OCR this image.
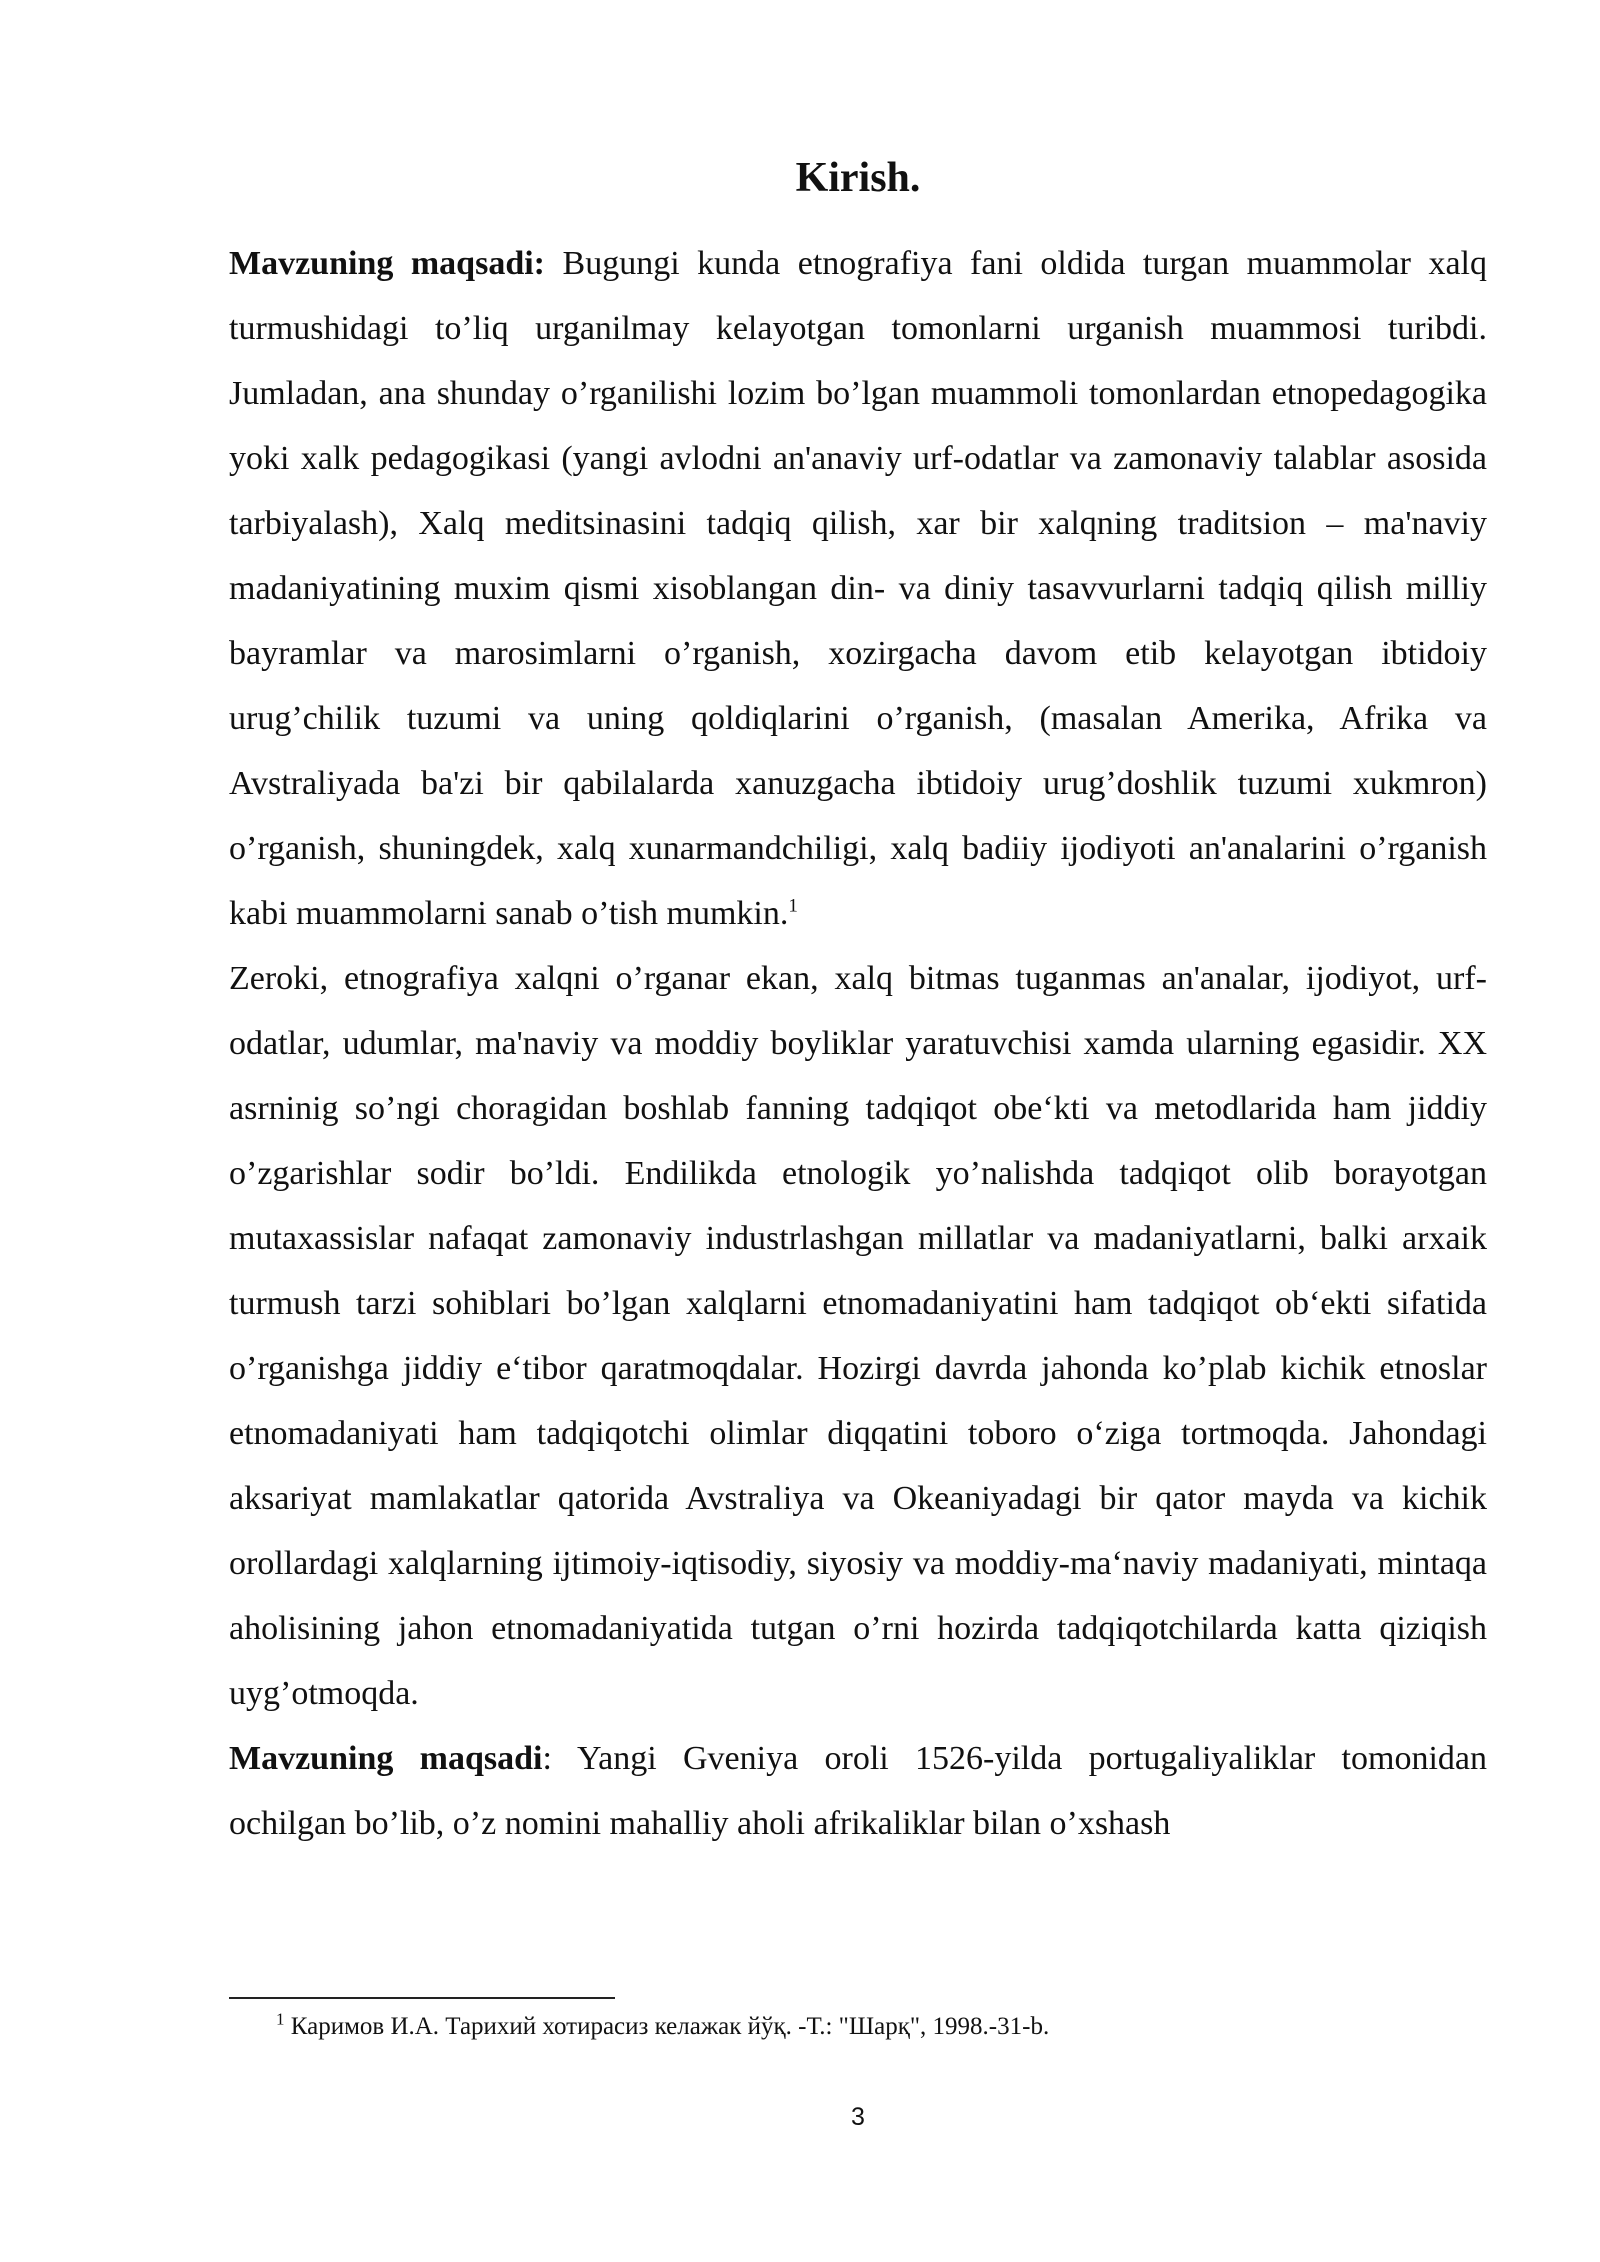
Kirish.

Mavzuning maqsadi: Bugungi kunda etnografiya fani oldida turgan muammolar xalq turmushidagi to’liq urganilmay kelayotgan tomonlarni urganish muammosi turibdi. Jumladan, ana shunday o’rganilishi lozim bo’lgan muammoli tomonlardan etnopedagogika yoki xalk pedagogikasi (yangi avlodni an'anaviy urf-odatlar va zamonaviy talablar asosida tarbiyalash), Xalq meditsinasini tadqiq qilish, xar bir xalqning traditsion – ma'naviy madaniyatining muxim qismi xisoblangan din- va diniy tasavvurlarni tadqiq qilish milliy bayramlar va marosimlarni o’rganish, xozirgacha davom etib kelayotgan ibtidoiy urug’chilik tuzumi va uning qoldiqlarini o’rganish, (masalan Amerika, Afrika va Avstraliyada ba'zi bir qabilalarda xanuzgacha ibtidoiy urug’doshlik tuzumi xukmron) o’rganish, shuningdek, xalq xunarmandchiligi, xalq badiiy ijodiyoti an'analarini o’rganish kabi muammolarni sanab o’tish mumkin.$^1$

Zeroki, etnografiya xalqni o’rganar ekan, xalq bitmas tuganmas an'analar, ijodiyot, urf-odatlar, udumlar, ma'naviy va moddiy boyliklar yaratuvchisi xamda ularning egasidir. XX asrninig so’ngi choragidan boshlab fanning tadqiqot obe‘kti va metodlarida ham jiddiy o’zgarishlar sodir bo’ldi. Endilikda etnologik yo’nalishda tadqiqot olib borayotgan mutaxassislar nafaqat zamonaviy industrlashgan millatlar va madaniyatlarni, balki arxaik turmush tarzi sohiblari bo’lgan xalqlarni etnomadaniyatini ham tadqiqot ob‘ekti sifatida o’rganishga jiddiy e‘tibor qaratmoqdalar. Hozirgi davrda jahonda ko’plab kichik etnoslar etnomadaniyati ham tadqiqotchi olimlar diqqatini toboro o‘ziga tortmoqda. Jahondagi aksariyat mamlakatlar qatorida Avstraliya va Okeaniyadagi bir qator mayda va kichik orollardagi xalqlarning ijtimoiy-iqtisodiy, siyosiy va moddiy-ma‘naviy madaniyati, mintaqa aholisining jahon etnomadaniyatida tutgan o’rni hozirda tadqiqotchilarda katta qiziqish uyg’otmoqda.

Mavzuning maqsadi: Yangi Gveniya oroli 1526-yilda portugaliyaliklar tomonidan ochilgan bo’lib, o’z nomini mahalliy aholi afrikaliklar bilan o’xshash

$^1$ Каримов И.А. Тарихий хотирасиз келажак йўқ. -Т.: "Шарқ", 1998.-31-b.

3
